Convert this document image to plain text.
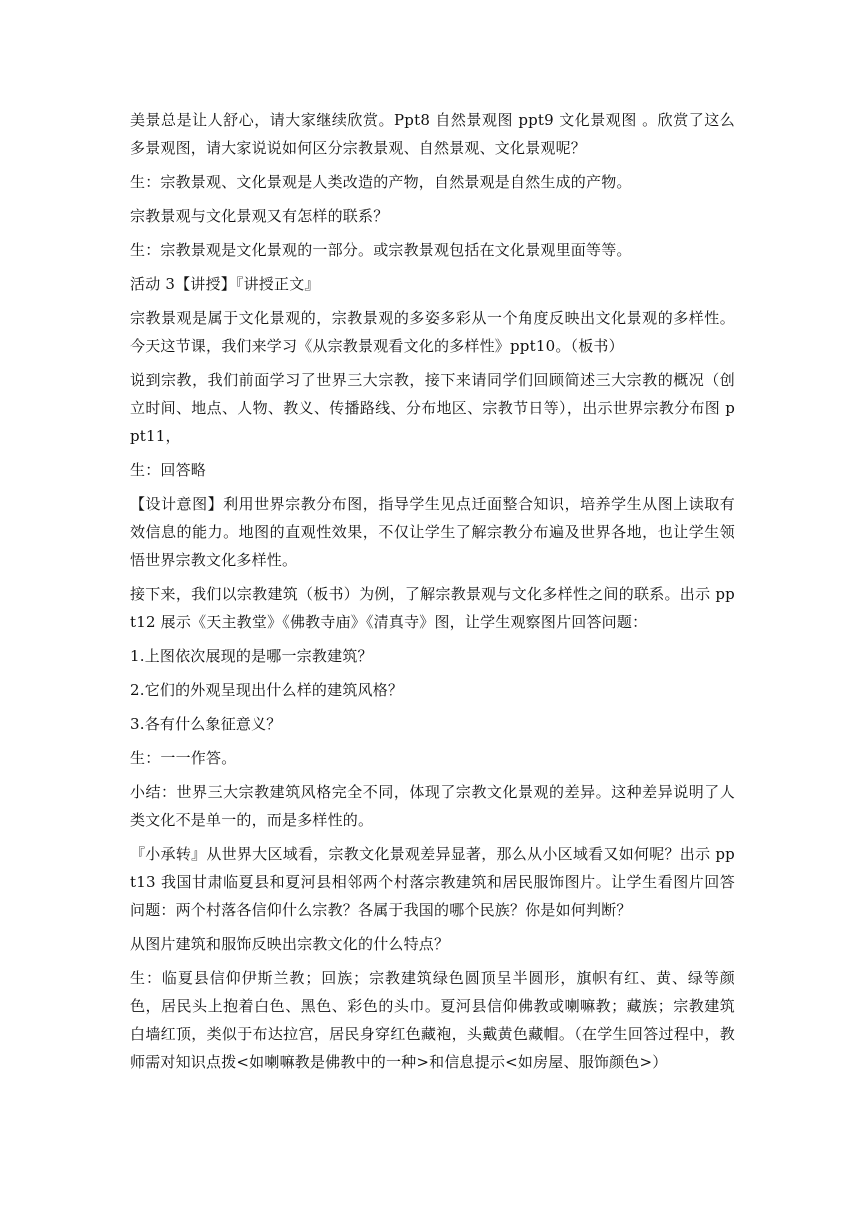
美景总是让人舒心，请大家继续欣赏。Ppt8 自然景观图 ppt9 文化景观图 。欣赏了这么多景观图，请大家说说如何区分宗教景观、自然景观、文化景观呢？

生：宗教景观、文化景观是人类改造的产物，自然景观是自然生成的产物。

宗教景观与文化景观又有怎样的联系？

生：宗教景观是文化景观的一部分。或宗教景观包括在文化景观里面等等。

活动 3【讲授】『讲授正文』

宗教景观是属于文化景观的，宗教景观的多姿多彩从一个角度反映出文化景观的多样性。今天这节课，我们来学习《从宗教景观看文化的多样性》ppt10。（板书）

说到宗教，我们前面学习了世界三大宗教，接下来请同学们回顾简述三大宗教的概况（创立时间、地点、人物、教义、传播路线、分布地区、宗教节日等），出示世界宗教分布图 ppt11，

生：回答略

【设计意图】利用世界宗教分布图，指导学生见点迁面整合知识，培养学生从图上读取有效信息的能力。地图的直观性效果，不仅让学生了解宗教分布遍及世界各地，也让学生领悟世界宗教文化多样性。

接下来，我们以宗教建筑（板书）为例，了解宗教景观与文化多样性之间的联系。出示 ppt12 展示《天主教堂》《佛教寺庙》《清真寺》图，让学生观察图片回答问题：

1.上图依次展现的是哪一宗教建筑？

2.它们的外观呈现出什么样的建筑风格？

3.各有什么象征意义？

生：一一作答。

小结：世界三大宗教建筑风格完全不同，体现了宗教文化景观的差异。这种差异说明了人类文化不是单一的，而是多样性的。

『小承转』从世界大区域看，宗教文化景观差异显著，那么从小区域看又如何呢？出示 ppt13 我国甘肃临夏县和夏河县相邻两个村落宗教建筑和居民服饰图片。让学生看图片回答问题：两个村落各信仰什么宗教？各属于我国的哪个民族？你是如何判断？

从图片建筑和服饰反映出宗教文化的什么特点？

生：临夏县信仰伊斯兰教；回族；宗教建筑绿色圆顶呈半圆形，旗帜有红、黄、绿等颜色，居民头上抱着白色、黑色、彩色的头巾。夏河县信仰佛教或喇嘛教；藏族；宗教建筑白墙红顶，类似于布达拉宫，居民身穿红色藏袍，头戴黄色藏帽。（在学生回答过程中，教师需对知识点拨<如喇嘛教是佛教中的一种>和信息提示<如房屋、服饰颜色>）
